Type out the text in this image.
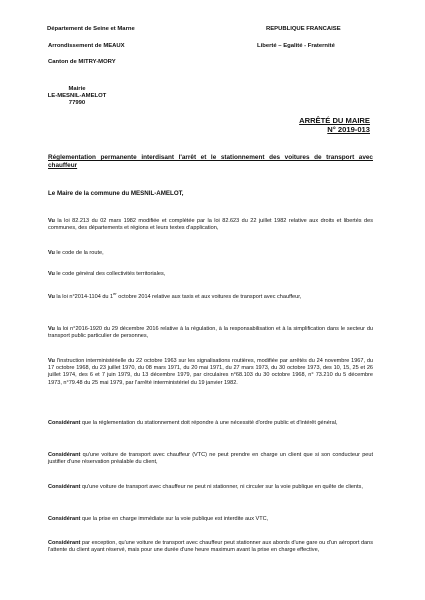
Département de Seine et Marne
Arrondissement de MEAUX
Canton de MITRY-MORY
REPUBLIQUE FRANCAISE
Liberté – Egalité - Fraternité
Mairie
LE-MESNIL-AMELOT
77990
ARRÊTÉ DU MAIRE
N° 2019-013
Réglementation permanente interdisant l'arrêt et le stationnement des voitures de transport avec chauffeur
Le Maire de la commune du MESNIL-AMELOT,
Vu la loi 82.213 du 02 mars 1982 modifiée et complétée par la loi 82.623 du 22 juillet 1982 relative aux droits et libertés des communes, des départements et régions et leurs textes d'application,
Vu le code de la route,
Vu le code général des collectivités territoriales,
Vu la loi n°2014-1104 du 1er octobre 2014 relative aux taxis et aux voitures de transport avec chauffeur,
Vu la loi n°2016-1920 du 29 décembre 2016 relative à la régulation, à la responsabilisation et à la simplification dans le secteur du transport public particulier de personnes,
Vu l'instruction interministérielle du 22 octobre 1963 sur les signalisations routières, modifiée par arrêtés du 24 novembre 1967, du 17 octobre 1968, du 23 juillet 1970, du 08 mars 1971, du 20 mai 1971, du 27 mars 1973, du 30 octobre 1973, des 10, 15, 25 et 26 juillet 1974, des 6 et 7 juin 1979, du 13 décembre 1979, par circulaires n°68.103 du 30 octobre 1968, n° 73.210 du 5 décembre 1973, n°79.48 du 25 mai 1979, par l'arrêté interministériel du 19 janvier 1982.
Considérant que la réglementation du stationnement doit répondre à une nécessité d'ordre public et d'intérêt général,
Considérant qu'une voiture de transport avec chauffeur (VTC) ne peut prendre en charge un client que si son conducteur peut justifier d'une réservation préalable du client,
Considérant qu'une voiture de transport avec chauffeur ne peut ni stationner, ni circuler sur la voie publique en quête de clients,
Considérant que la prise en charge immédiate sur la voie publique est interdite aux VTC,
Considérant par exception, qu'une voiture de transport avec chauffeur peut stationner aux abords d'une gare ou d'un aéroport dans l'attente du client ayant réservé, mais pour une durée d'une heure maximum avant la prise en charge effective,
